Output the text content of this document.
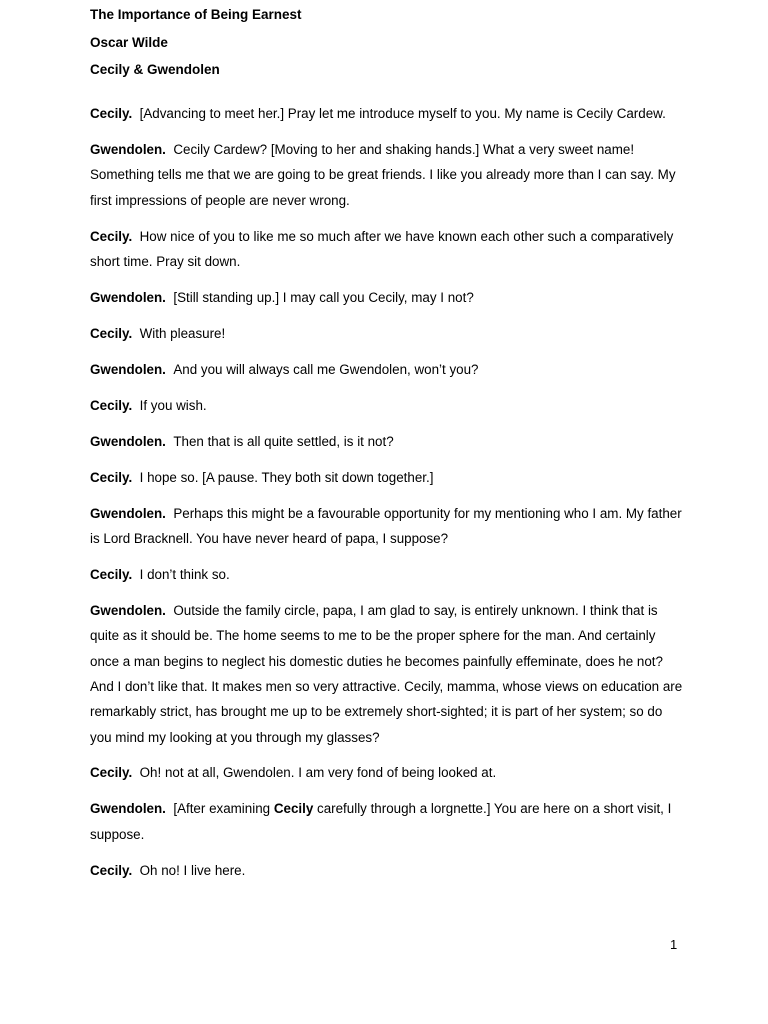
The Importance of Being Earnest
Oscar Wilde
Cecily & Gwendolen

Cecily. [Advancing to meet her.] Pray let me introduce myself to you. My name is Cecily Cardew.

Gwendolen. Cecily Cardew? [Moving to her and shaking hands.] What a very sweet name! Something tells me that we are going to be great friends. I like you already more than I can say. My first impressions of people are never wrong.

Cecily. How nice of you to like me so much after we have known each other such a comparatively short time. Pray sit down.

Gwendolen. [Still standing up.] I may call you Cecily, may I not?

Cecily. With pleasure!

Gwendolen. And you will always call me Gwendolen, won’t you?

Cecily. If you wish.

Gwendolen. Then that is all quite settled, is it not?

Cecily. I hope so. [A pause. They both sit down together.]

Gwendolen. Perhaps this might be a favourable opportunity for my mentioning who I am. My father is Lord Bracknell. You have never heard of papa, I suppose?

Cecily. I don’t think so.

Gwendolen. Outside the family circle, papa, I am glad to say, is entirely unknown. I think that is quite as it should be. The home seems to me to be the proper sphere for the man. And certainly once a man begins to neglect his domestic duties he becomes painfully effeminate, does he not? And I don’t like that. It makes men so very attractive. Cecily, mamma, whose views on education are remarkably strict, has brought me up to be extremely short-sighted; it is part of her system; so do you mind my looking at you through my glasses?

Cecily. Oh! not at all, Gwendolen. I am very fond of being looked at.

Gwendolen. [After examining Cecily carefully through a lorgnette.] You are here on a short visit, I suppose.

Cecily. Oh no! I live here.

1
